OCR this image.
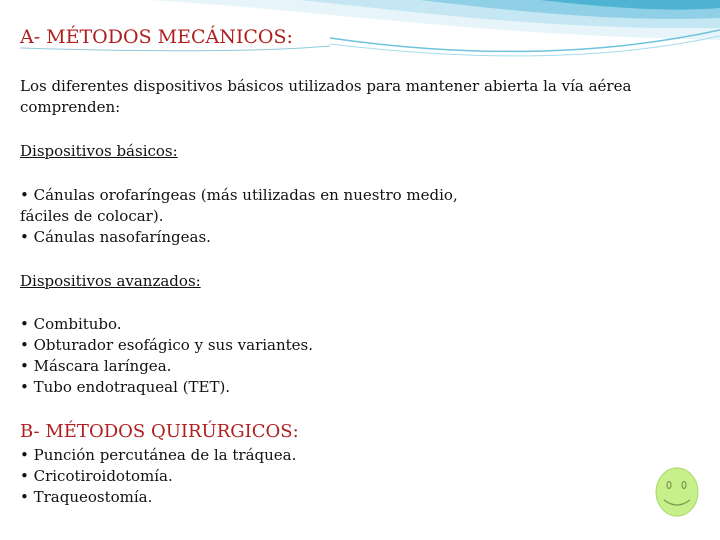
A- MÉTODOS MECÁNICOS:
Los diferentes dispositivos básicos utilizados para mantener abierta la vía aérea
comprenden:
Dispositivos básicos:
• Cánulas orofaríngeas (más utilizadas en nuestro medio,
fáciles de colocar).
• Cánulas nasofaríngeas.
Dispositivos avanzados:
• Combitubo.
• Obturador esofágico y sus variantes.
• Máscara laríngea.
• Tubo endotraqueal (TET).
B- MÉTODOS QUIRÚRGICOS:
• Punción percutánea de la tráquea.
• Cricotiroidotomía.
• Traqueostomía.
